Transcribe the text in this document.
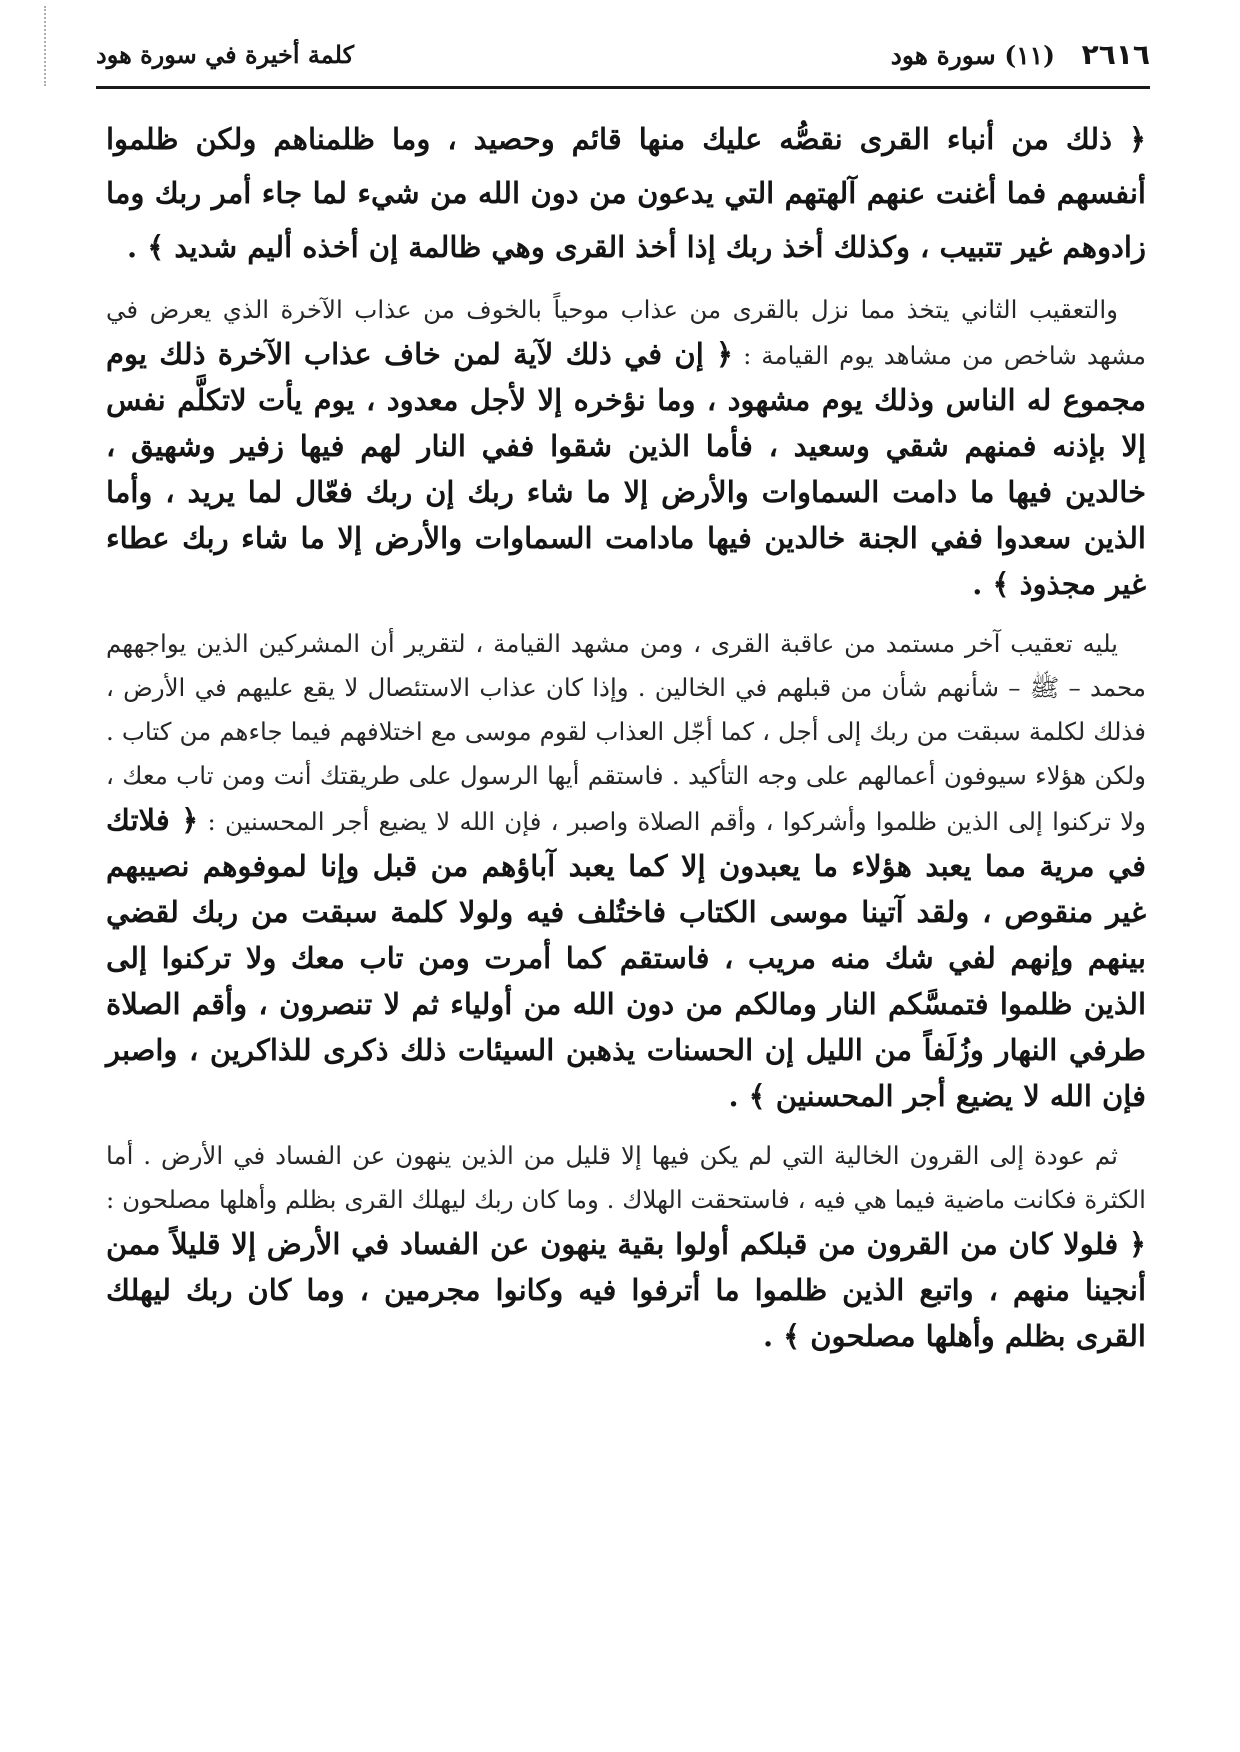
٢٦١٦ (١١) سورة هود
كلمة أخيرة في سورة هود

﴿ ذلك من أنباء القرى نقصُّه عليك منها قائم وحصيد ، وما ظلمناهم ولكن ظلموا أنفسهم فما أغنت عنهم آلهتهم التي يدعون من دون الله من شيء لما جاء أمر ربك وما زادوهم غير تتبيب ، وكذلك أخذ ربك إذا أخذ القرى وهي ظالمة إن أخذه أليم شديد ﴾ .

والتعقيب الثاني يتخذ مما نزل بالقرى من عذاب موحياً بالخوف من عذاب الآخرة الذي يعرض في مشهد شاخص من مشاهد يوم القيامة : ﴿ إن في ذلك لآية لمن خاف عذاب الآخرة ذلك يوم مجموع له الناس وذلك يوم مشهود ، وما نؤخره إلا لأجل معدود ، يوم يأت لاتكلَّم نفس إلا بإذنه فمنهم شقي وسعيد ، فأما الذين شقوا ففي النار لهم فيها زفير وشهيق ، خالدين فيها ما دامت السماوات والأرض إلا ما شاء ربك إن ربك فعّال لما يريد ، وأما الذين سعدوا ففي الجنة خالدين فيها مادامت السماوات والأرض إلا ما شاء ربك عطاء غير مجذوذ ﴾ .

يليه تعقيب آخر مستمد من عاقبة القرى ، ومن مشهد القيامة ، لتقرير أن المشركين الذين يواجههم محمد – ﷺ – شأنهم شأن من قبلهم في الخالين . وإذا كان عذاب الاستئصال لا يقع عليهم في الأرض ، فذلك لكلمة سبقت من ربك إلى أجل ، كما أجّل العذاب لقوم موسى مع اختلافهم فيما جاءهم من كتاب . ولكن هؤلاء سيوفون أعمالهم على وجه التأكيد . فاستقم أيها الرسول على طريقتك أنت ومن تاب معك ، ولا تركنوا إلى الذين ظلموا وأشركوا ، وأقم الصلاة واصبر ، فإن الله لا يضيع أجر المحسنين : ﴿ فلاتك في مرية مما يعبد هؤلاء ما يعبدون إلا كما يعبد آباؤهم من قبل وإنا لموفوهم نصيبهم غير منقوص ، ولقد آتينا موسى الكتاب فاختُلف فيه ولولا كلمة سبقت من ربك لقضي بينهم وإنهم لفي شك منه مريب ، فاستقم كما أمرت ومن تاب معك ولا تركنوا إلى الذين ظلموا فتمسَّكم النار ومالكم من دون الله من أولياء ثم لا تنصرون ، وأقم الصلاة طرفي النهار وزُلَفاً من الليل إن الحسنات يذهبن السيئات ذلك ذكرى للذاكرين ، واصبر فإن الله لا يضيع أجر المحسنين ﴾ .

ثم عودة إلى القرون الخالية التي لم يكن فيها إلا قليل من الذين ينهون عن الفساد في الأرض . أما الكثرة فكانت ماضية فيما هي فيه ، فاستحقت الهلاك . وما كان ربك ليهلك القرى بظلم وأهلها مصلحون : ﴿ فلولا كان من القرون من قبلكم أولوا بقية ينهون عن الفساد في الأرض إلا قليلاً ممن أنجينا منهم ، واتبع الذين ظلموا ما أترفوا فيه وكانوا مجرمين ، وما كان ربك ليهلك القرى بظلم وأهلها مصلحون ﴾ .
